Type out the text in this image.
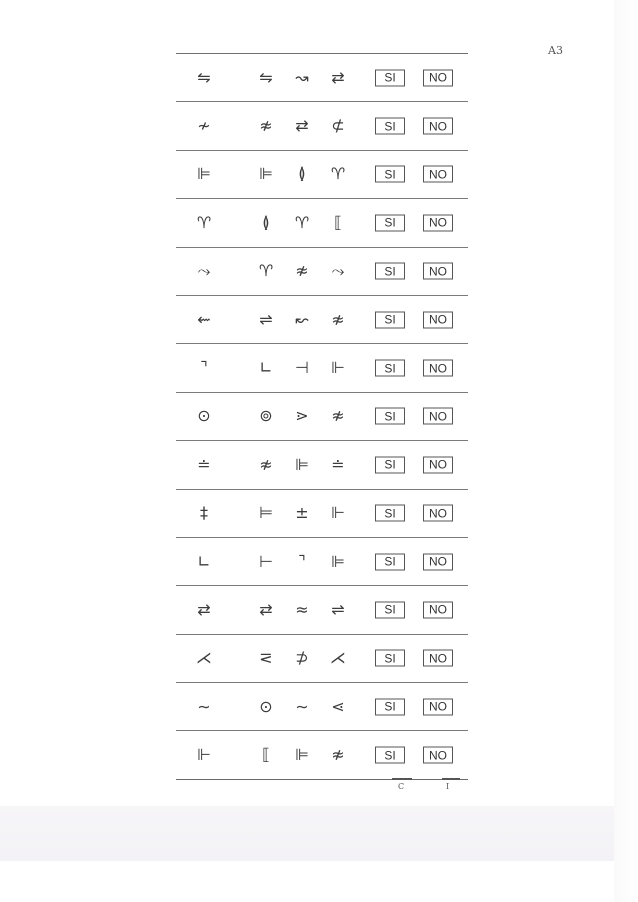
A3
⇋	⇋ ↝ ⇄	SI	NO
≁	≉ ⇄ ⊄	SI	NO
⊫	⊫ ≬ ♈	SI	NO
♈	≬ ♈ ⟦	SI	NO
⤳	♈ ≉ ⤳	SI	NO
⇜	⇌ ↜ ≉	SI	NO
⌝	∟ ⊣ ⊩	SI	NO
⊙	⊚ ⋗ ≉	SI	NO
≐	≉ ⊫ ≐	SI	NO
‡	⊨ ± ⊩	SI	NO
∟	⊢ ⌝ ⊫	SI	NO
⇄	⇄ ≈ ⇌	SI	NO
⋌	⋜ ⊅ ⋌	SI	NO
∼	⊙ ∼ ⋖	SI	NO
⊩	⟦ ⊫ ≉	SI	NO
C	I
